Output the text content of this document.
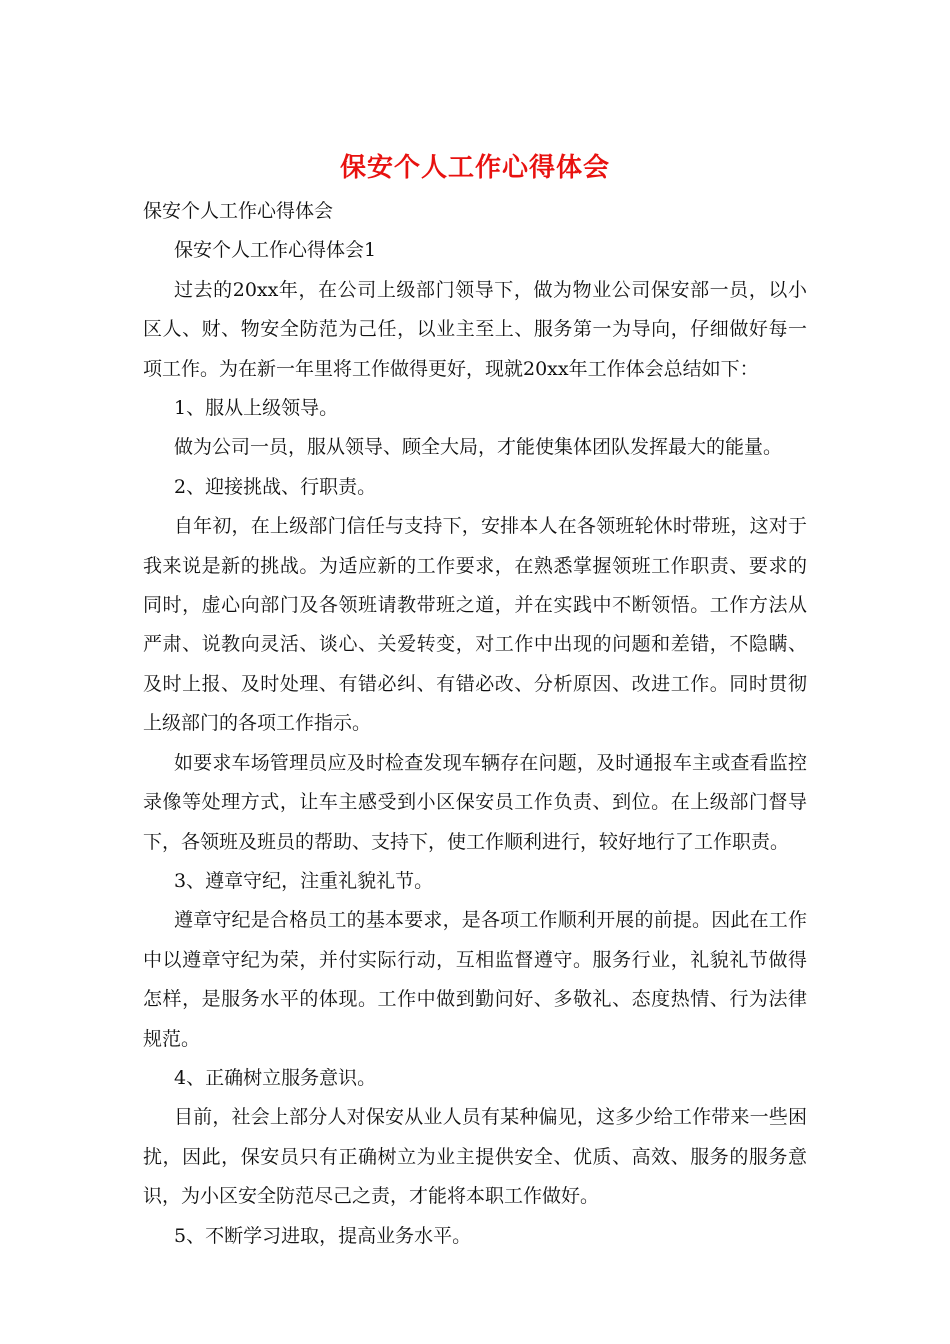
保安个人工作心得体会

保安个人工作心得体会

保安个人工作心得体会1

过去的20xx年，在公司上级部门领导下，做为物业公司保安部一员，以小区人、财、物安全防范为己任，以业主至上、服务第一为导向，仔细做好每一项工作。为在新一年里将工作做得更好，现就20xx年工作体会总结如下：

1、服从上级领导。

做为公司一员，服从领导、顾全大局，才能使集体团队发挥最大的能量。

2、迎接挑战、行职责。

自年初，在上级部门信任与支持下，安排本人在各领班轮休时带班，这对于我来说是新的挑战。为适应新的工作要求，在熟悉掌握领班工作职责、要求的同时，虚心向部门及各领班请教带班之道，并在实践中不断领悟。工作方法从严肃、说教向灵活、谈心、关爱转变，对工作中出现的问题和差错，不隐瞒、及时上报、及时处理、有错必纠、有错必改、分析原因、改进工作。同时贯彻上级部门的各项工作指示。

如要求车场管理员应及时检查发现车辆存在问题，及时通报车主或查看监控录像等处理方式，让车主感受到小区保安员工作负责、到位。在上级部门督导下，各领班及班员的帮助、支持下，使工作顺利进行，较好地行了工作职责。

3、遵章守纪，注重礼貌礼节。

遵章守纪是合格员工的基本要求，是各项工作顺利开展的前提。因此在工作中以遵章守纪为荣，并付实际行动，互相监督遵守。服务行业，礼貌礼节做得怎样，是服务水平的体现。工作中做到勤问好、多敬礼、态度热情、行为法律规范。

4、正确树立服务意识。

目前，社会上部分人对保安从业人员有某种偏见，这多少给工作带来一些困扰，因此，保安员只有正确树立为业主提供安全、优质、高效、服务的服务意识，为小区安全防范尽己之责，才能将本职工作做好。

5、不断学习进取，提高业务水平。
